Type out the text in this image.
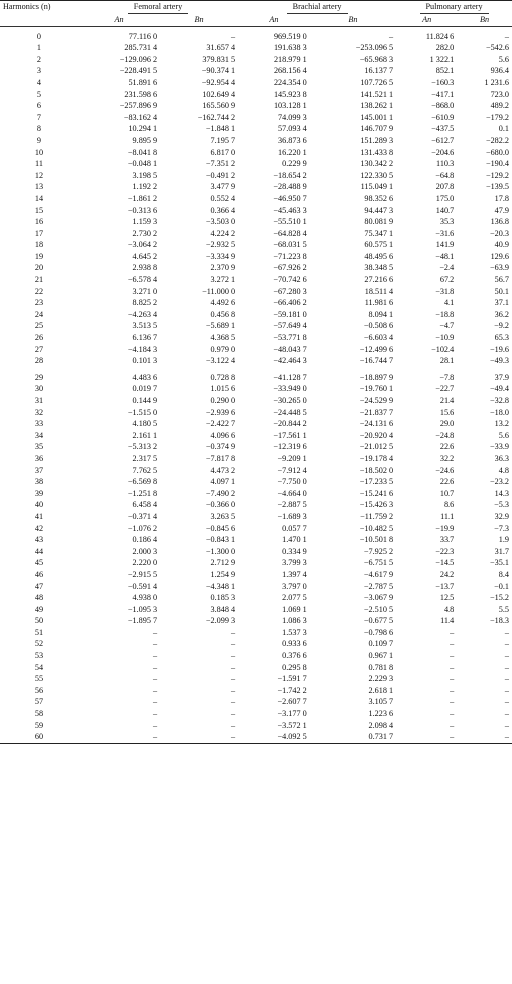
Harmonics (n)	Femoral artery		Brachial artery		Pulmonary artery	
	An	Bn	An	Bn	An	Bn

0	77.116 0	–	969.519 0	–	11.824 6	–
1	285.731 4	31.657 4	191.638 3	−253.096 5	282.0	−542.6
2	−129.096 2	379.831 5	218.979 1	−65.968 3	1 322.1	5.6
3	−228.491 5	−90.374 1	268.156 4	16.137 7	852.1	936.4
4	51.891 6	−92.954 4	224.354 0	107.726 5	−160.3	1 231.6
5	231.598 6	102.649 4	145.923 8	141.521 1	−417.1	723.0
6	−257.896 9	165.560 9	103.128 1	138.262 1	−868.0	489.2
7	−83.162 4	−162.744 2	74.099 3	145.001 1	−610.9	−179.2
8	10.294 1	−1.848 1	57.093 4	146.707 9	−437.5	0.1
9	9.895 9	7.195 7	36.873 6	151.289 3	−612.7	−282.2
10	−8.041 8	6.817 0	16.220 1	131.433 8	−204.6	−680.0
11	−0.048 1	−7.351 2	0.229 9	130.342 2	110.3	−190.4
12	3.198 5	−0.491 2	−18.654 2	122.330 5	−64.8	−129.2
13	1.192 2	3.477 9	−28.488 9	115.049 1	207.8	−139.5
14	−1.861 2	0.552 4	−46.950 7	98.352 6	175.0	17.8
15	−0.313 6	0.366 4	−45.463 3	94.447 3	140.7	47.9
16	1.159 3	−3.503 0	−55.510 1	80.081 9	35.3	136.8
17	2.730 2	4.224 2	−64.828 4	75.347 1	−31.6	−20.3
18	−3.064 2	−2.932 5	−68.031 5	60.575 1	141.9	40.9
19	4.645 2	−3.334 9	−71.223 8	48.495 6	−48.1	129.6
20	2.938 8	2.370 9	−67.926 2	38.348 5	−2.4	−63.9
21	−6.578 4	3.272 1	−70.742 6	27.216 6	67.2	56.7
22	3.271 0	−11.000 0	−67.280 3	18.511 4	−31.8	50.1
23	8.825 2	4.492 6	−66.406 2	11.981 6	4.1	37.1
24	−4.263 4	0.456 8	−59.181 0	8.094 1	−18.8	36.2
25	3.513 5	−5.689 1	−57.649 4	−0.508 6	−4.7	−9.2
26	6.136 7	4.368 5	−53.771 8	−6.603 4	−10.9	65.3
27	−4.184 3	0.979 0	−48.043 7	−12.499 6	−102.4	−19.6
28	0.101 3	−3.122 4	−42.464 3	−16.744 7	28.1	−49.3

29	4.483 6	0.728 8	−41.128 7	−18.897 9	−7.8	37.9
30	0.019 7	1.015 6	−33.949 0	−19.760 1	−22.7	−49.4
31	0.144 9	0.290 0	−30.265 0	−24.529 9	21.4	−32.8
32	−1.515 0	−2.939 6	−24.448 5	−21.837 7	15.6	−18.0
33	4.180 5	−2.422 7	−20.844 2	−24.131 6	29.0	13.2
34	2.161 1	4.096 6	−17.561 1	−20.920 4	−24.8	5.6
35	−5.313 2	−0.374 9	−12.319 6	−21.012 5	22.6	−33.9
36	2.317 5	−7.817 8	−9.209 1	−19.178 4	32.2	36.3
37	7.762 5	4.473 2	−7.912 4	−18.502 0	−24.6	4.8
38	−6.569 8	4.097 1	−7.750 0	−17.233 5	22.6	−23.2
39	−1.251 8	−7.490 2	−4.664 0	−15.241 6	10.7	14.3
40	6.458 4	−0.366 0	−2.887 5	−15.426 3	8.6	−5.3
41	−0.371 4	3.263 5	−1.689 3	−11.759 2	11.1	32.9
42	−1.076 2	−0.845 6	0.057 7	−10.482 5	−19.9	−7.3
43	0.186 4	−0.843 1	1.470 1	−10.501 8	33.7	1.9
44	2.000 3	−1.300 0	0.334 9	−7.925 2	−22.3	31.7
45	2.220 0	2.712 9	3.799 3	−6.751 5	−14.5	−35.1
46	−2.915 5	1.254 9	1.397 4	−4.617 9	24.2	8.4
47	−0.591 4	−4.348 1	3.797 0	−2.787 5	−13.7	−0.1
48	4.938 0	0.185 3	2.077 5	−3.067 9	12.5	−15.2
49	−1.095 3	3.848 4	1.069 1	−2.510 5	4.8	5.5
50	−1.895 7	−2.099 3	1.086 3	−0.677 5	11.4	−18.3
51	–	–	1.537 3	−0.798 6	–	–
52	–	–	0.933 6	0.109 7	–	–
53	–	–	0.376 6	0.967 1	–	–
54	–	–	0.295 8	0.781 8	–	–
55	–	–	−1.591 7	2.229 3	–	–
56	–	–	−1.742 2	2.618 1	–	–
57	–	–	−2.607 7	3.105 7	–	–
58	–	–	−3.177 0	1.223 6	–	–
59	–	–	−3.572 1	2.098 4	–	–
60	–	–	−4.092 5	0.731 7	–	–
